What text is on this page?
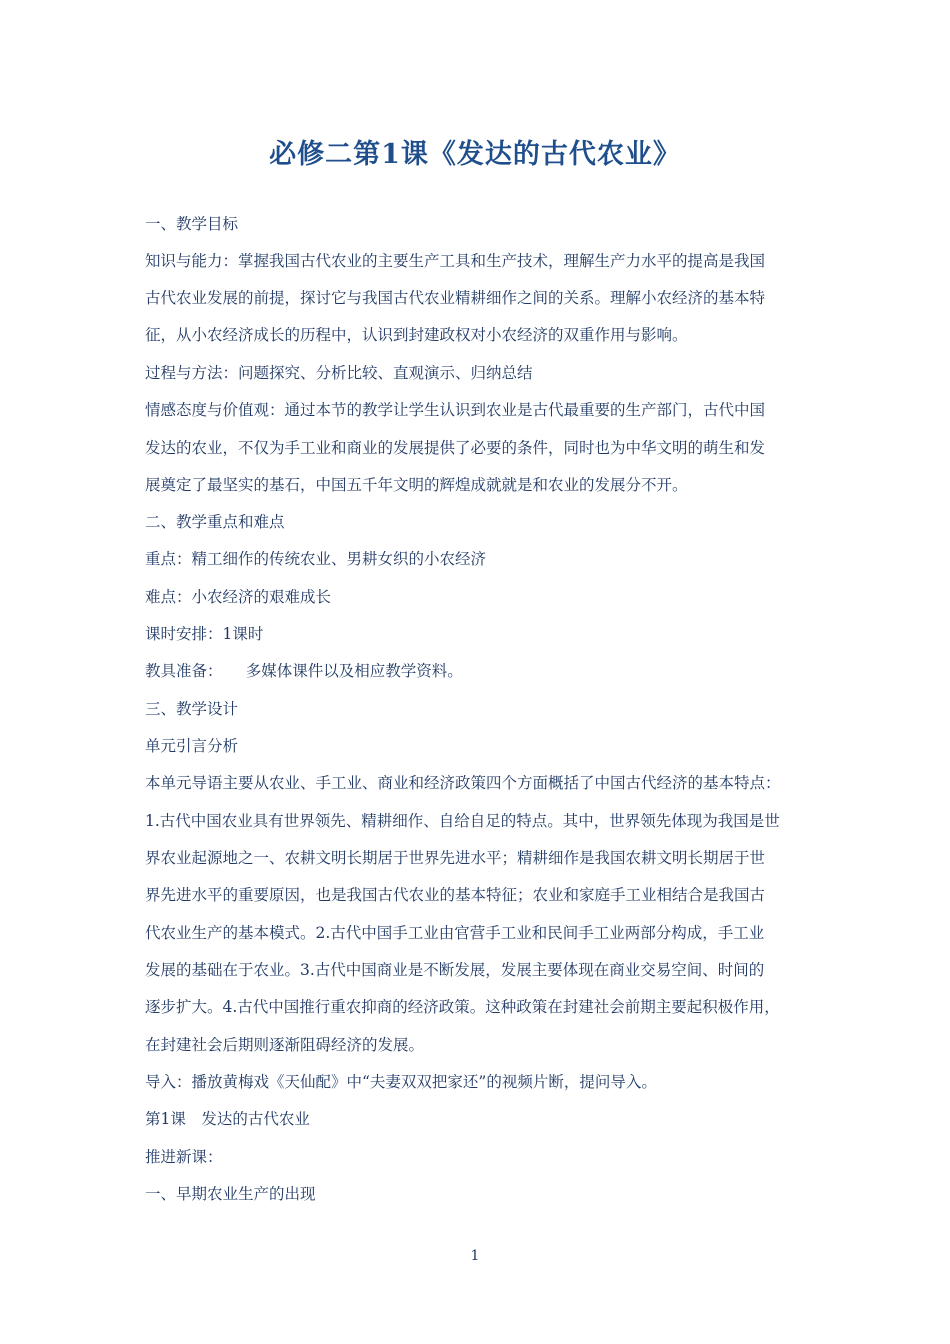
必修二第1课《发达的古代农业》
一、教学目标
知识与能力：掌握我国古代农业的主要生产工具和生产技术，理解生产力水平的提高是我国
古代农业发展的前提，探讨它与我国古代农业精耕细作之间的关系。理解小农经济的基本特
征，从小农经济成长的历程中，认识到封建政权对小农经济的双重作用与影响。
过程与方法：问题探究、分析比较、直观演示、归纳总结
情感态度与价值观：通过本节的教学让学生认识到农业是古代最重要的生产部门，古代中国
发达的农业，不仅为手工业和商业的发展提供了必要的条件，同时也为中华文明的萌生和发
展奠定了最坚实的基石，中国五千年文明的辉煌成就就是和农业的发展分不开。
二、教学重点和难点
重点：精工细作的传统农业、男耕女织的小农经济
难点：小农经济的艰难成长
课时安排：1课时
教具准备：　　多媒体课件以及相应教学资料。
三、教学设计
单元引言分析
本单元导语主要从农业、手工业、商业和经济政策四个方面概括了中国古代经济的基本特点：
1.古代中国农业具有世界领先、精耕细作、自给自足的特点。其中，世界领先体现为我国是世
界农业起源地之一、农耕文明长期居于世界先进水平；精耕细作是我国农耕文明长期居于世
界先进水平的重要原因，也是我国古代农业的基本特征；农业和家庭手工业相结合是我国古
代农业生产的基本模式。2.古代中国手工业由官营手工业和民间手工业两部分构成，手工业
发展的基础在于农业。3.古代中国商业是不断发展，发展主要体现在商业交易空间、时间的
逐步扩大。4.古代中国推行重农抑商的经济政策。这种政策在封建社会前期主要起积极作用，
在封建社会后期则逐渐阻碍经济的发展。
导入：播放黄梅戏《天仙配》中“夫妻双双把家还”的视频片断，提问导入。
第1课　发达的古代农业
推进新课：
一、早期农业生产的出现
1
